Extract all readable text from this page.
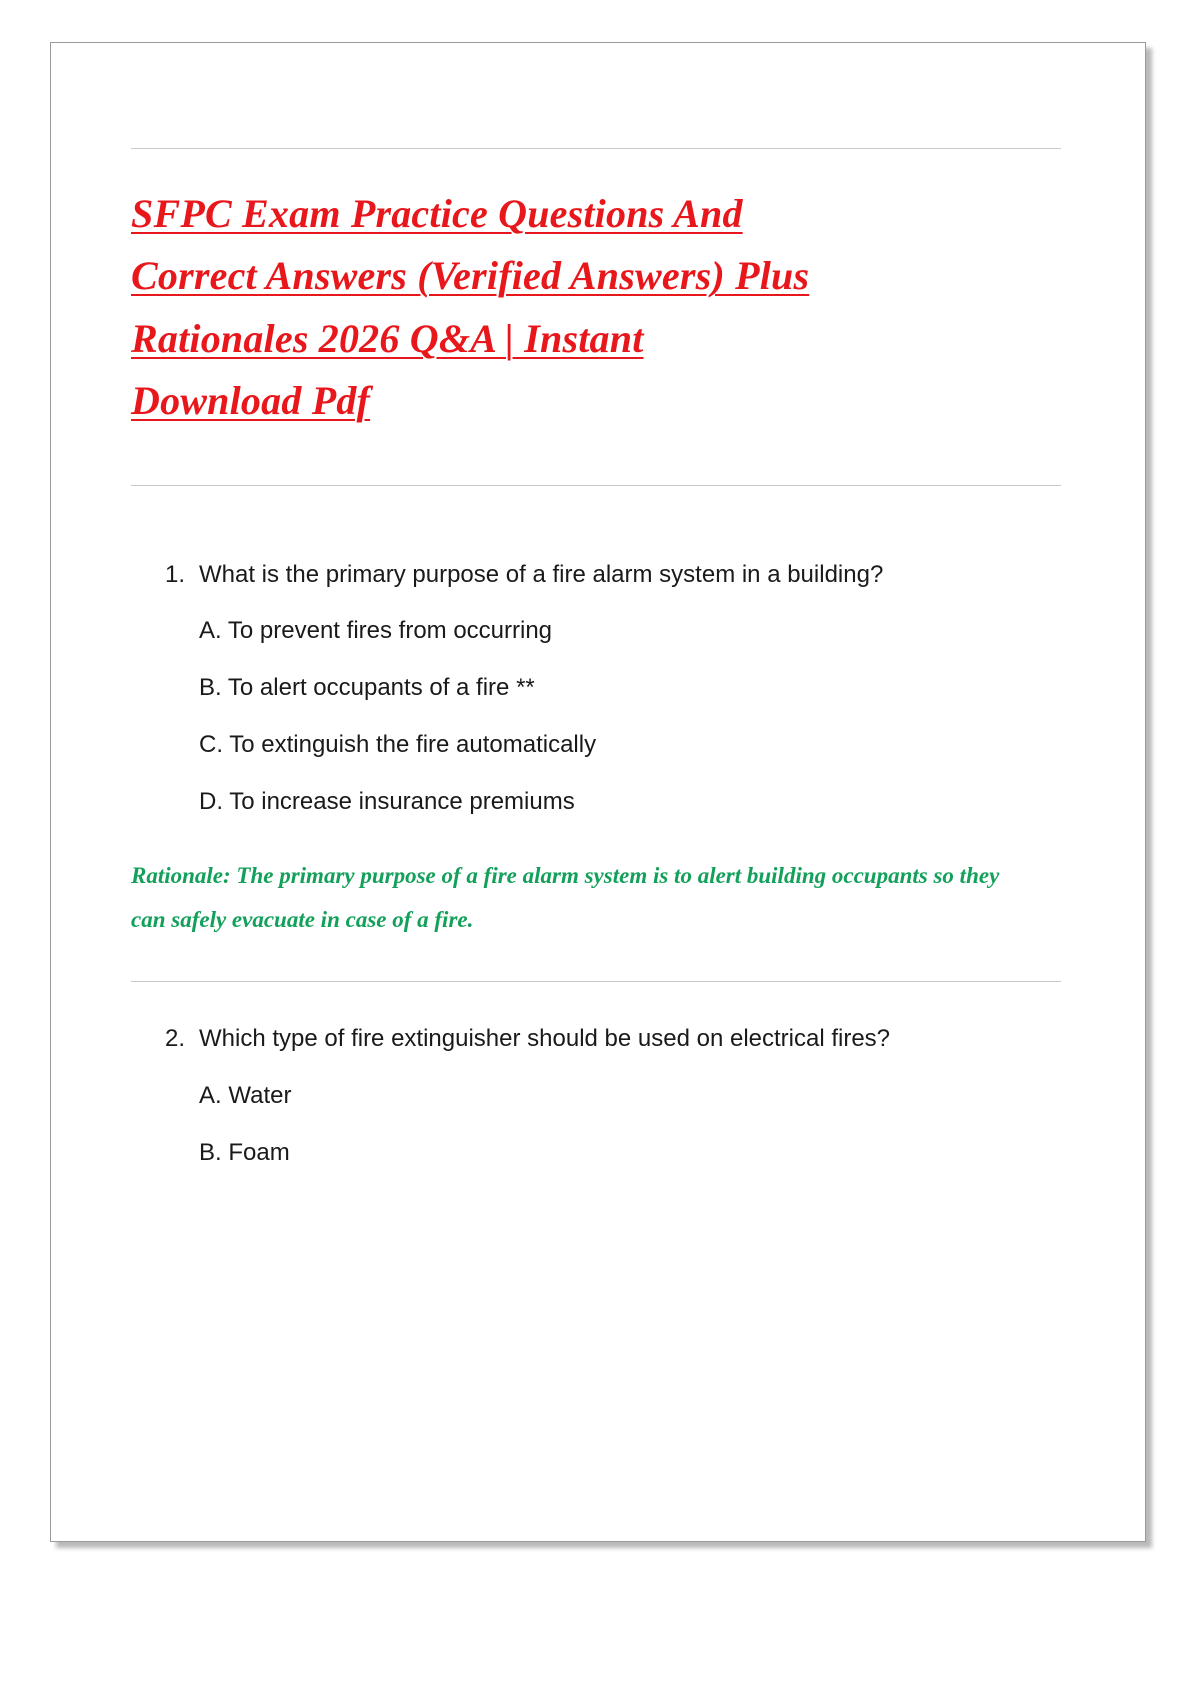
SFPC Exam Practice Questions And
Correct Answers (Verified Answers) Plus
Rationales 2026 Q&A | Instant
Download Pdf
1. What is the primary purpose of a fire alarm system in a building?
A. To prevent fires from occurring
B. To alert occupants of a fire **
C. To extinguish the fire automatically
D. To increase insurance premiums
Rationale: The primary purpose of a fire alarm system is to alert building occupants so they can safely evacuate in case of a fire.
2. Which type of fire extinguisher should be used on electrical fires?
A. Water
B. Foam
